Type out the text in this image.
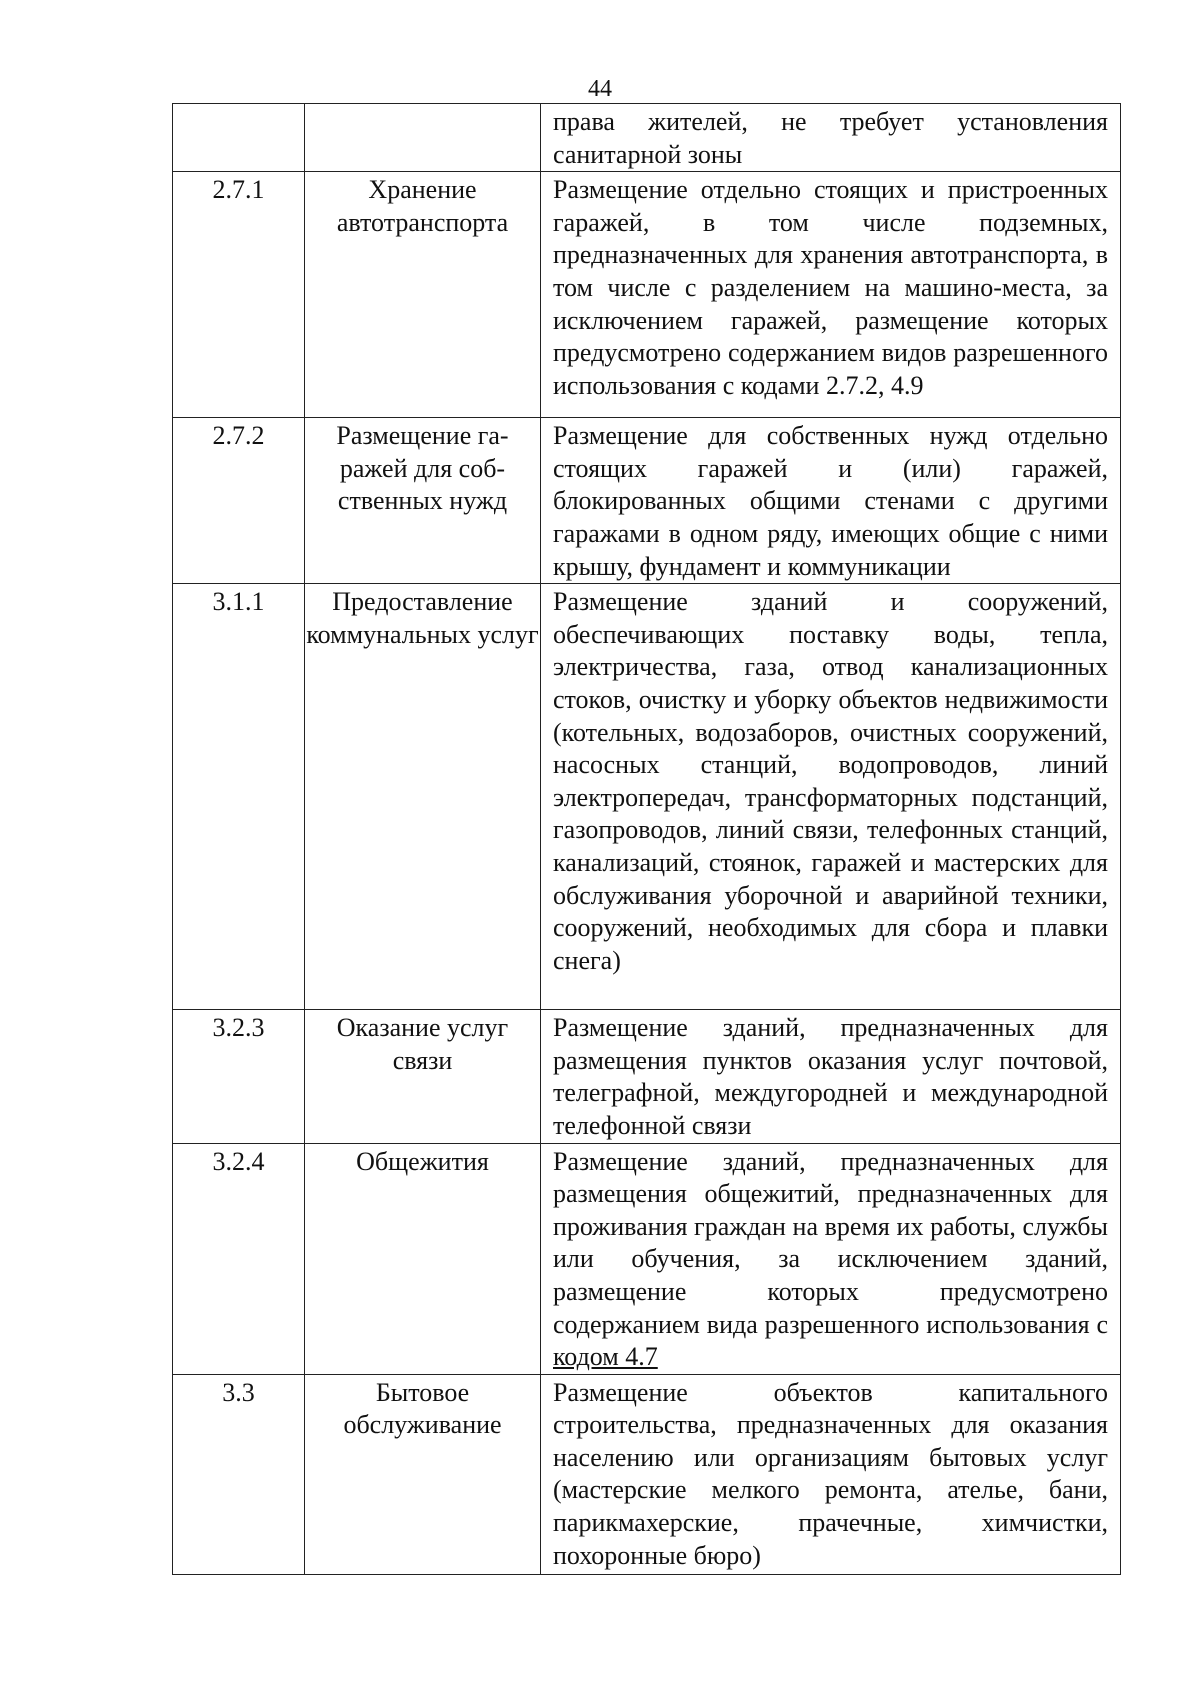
44
		права жителей, не требует установления санитарной зоны
2.7.1	Хранение автотранспорта	Размещение отдельно стоящих и пристроенных гаражей, в том числе подземных, предназначенных для хранения автотранспорта, в том числе с разделением на машино-места, за исключением гаражей, размещение которых предусмотрено содержанием видов разрешенного использования с кодами 2.7.2, 4.9
2.7.2	Размещение га-ражей для соб-ственных нужд	Размещение для собственных нужд отдельно стоящих гаражей и (или) гаражей, блокированных общими стенами с другими гаражами в одном ряду, имеющих общие с ними крышу, фундамент и коммуникации
3.1.1	Предоставление коммунальных услуг	Размещение зданий и сооружений, обеспечивающих поставку воды, тепла, электричества, газа, отвод канализационных стоков, очистку и уборку объектов недвижимости (котельных, водозаборов, очистных сооружений, насосных станций, водопроводов, линий электропередач, трансформаторных подстанций, газопроводов, линий связи, телефонных станций, канализаций, стоянок, гаражей и мастерских для обслуживания уборочной и аварийной техники, сооружений, необходимых для сбора и плавки снега)
3.2.3	Оказание услуг связи	Размещение зданий, предназначенных для размещения пунктов оказания услуг почтовой, телеграфной, междугородней и международной телефонной связи
3.2.4	Общежития	Размещение зданий, предназначенных для размещения общежитий, предназначенных для проживания граждан на время их работы, службы или обучения, за исключением зданий, размещение которых предусмотрено содержанием вида разрешенного использования с кодом 4.7
3.3	Бытовое обслуживание	Размещение объектов капитального строительства, предназначенных для оказания населению или организациям бытовых услуг (мастерские мелкого ремонта, ателье, бани, парикмахерские, прачечные, химчистки, похоронные бюро)
